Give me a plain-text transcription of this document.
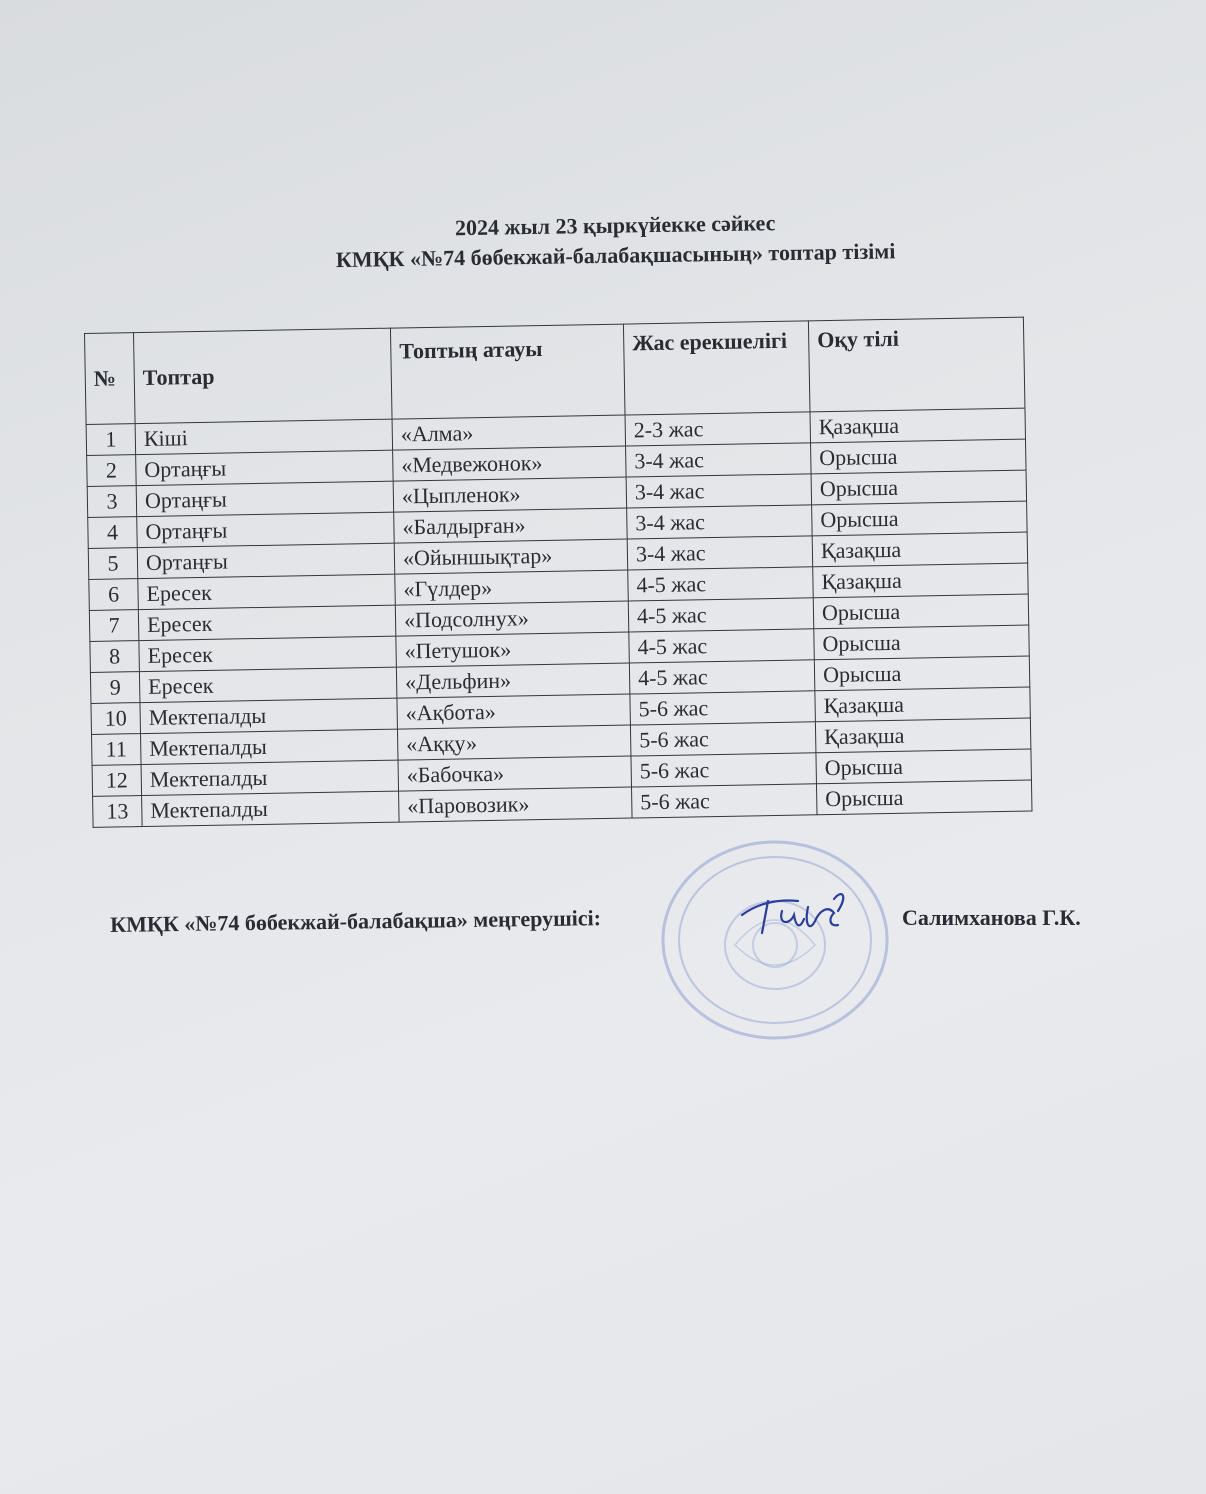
2024 жыл 23 қыркүйекке сәйкес
КМҚК «№74 бөбекжай-балабақшасының» топтар тізімі
№	Топтар	Топтың атауы	Жас ерекшелігі	Оқу тілі
1	Кіші	«Алма»	2-3 жас	Қазақша
2	Ортаңғы	«Медвежонок»	3-4 жас	Орысша
3	Ортаңғы	«Цыпленок»	3-4 жас	Орысша
4	Ортаңғы	«Балдырған»	3-4 жас	Орысша
5	Ортаңғы	«Ойыншықтар»	3-4 жас	Қазақша
6	Ересек	«Гүлдер»	4-5 жас	Қазақша
7	Ересек	«Подсолнух»	4-5 жас	Орысша
8	Ересек	«Петушок»	4-5 жас	Орысша
9	Ересек	«Дельфин»	4-5 жас	Орысша
10	Мектепалды	«Ақбота»	5-6 жас	Қазақша
11	Мектепалды	«Аққу»	5-6 жас	Қазақша
12	Мектепалды	«Бабочка»	5-6 жас	Орысша
13	Мектепалды	«Паровозик»	5-6 жас	Орысша
КМҚК «№74 бөбекжай-балабақша» меңгерушісі:	Салимханова Г.К.
